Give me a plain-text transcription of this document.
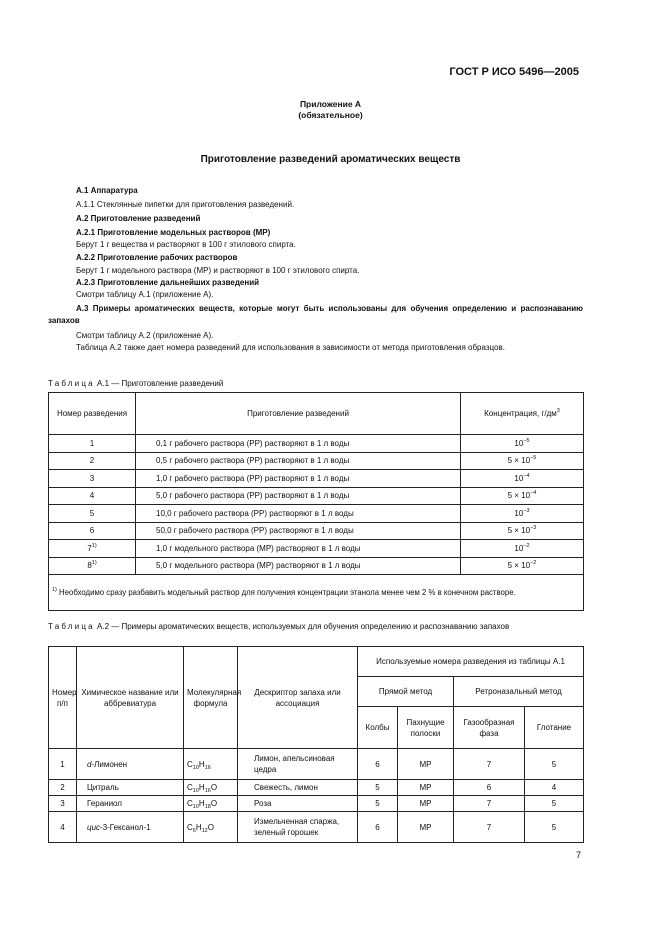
ГОСТ Р ИСО 5496—2005
Приложение А
(обязательное)
Приготовление разведений ароматических веществ
А.1 Аппаратура
А.1.1 Стеклянные пипетки для приготовления разведений.
А.2 Приготовление разведений
А.2.1 Приготовление модельных растворов (МР)
Берут 1 г вещества и растворяют в 100 г этилового спирта.
А.2.2 Приготовление рабочих растворов
Берут 1 г модельного раствора (МР) и растворяют в 100 г этилового спирта.
А.2.3 Приготовление дальнейших разведений
Смотри таблицу А.1 (приложение А).
А.3 Примеры ароматических веществ, которые могут быть использованы для обучения определению и распознаванию запахов
Смотри таблицу А.2 (приложение А).
Таблица А.2 также дает номера разведений для использования в зависимости от метода приготовления образцов.
Таблица А.1 — Приготовление разведений
Номер разведения	Приготовление разведений	Концентрация, $г/дм^3$
1	0,1 г рабочего раствора (РР) растворяют в 1 л воды	$10^{-5}$
2	0,5 г рабочего раствора (РР) растворяют в 1 л воды	$5 \times 10^{-5}$
3	1,0 г рабочего раствора (РР) растворяют в 1 л воды	$10^{-4}$
4	5,0 г рабочего раствора (РР) растворяют в 1 л воды	$5 \times 10^{-4}$
5	10,0 г рабочего раствора (РР) растворяют в 1 л воды	$10^{-3}$
6	50,0 г рабочего раствора (РР) растворяют в 1 л воды	$5 \times 10^{-3}$
7$^{1)}$	1,0 г модельного раствора (МР) растворяют в 1 л воды	$10^{-2}$
8$^{1)}$	5,0 г модельного раствора (МР) растворяют в 1 л воды	$5 \times 10^{-2}$
$^{1)}$ Необходимо сразу разбавить модельный раствор для получения концентрации этанола менее чем 2 % в конечном растворе.		
Таблица А.2 — Примеры ароматических веществ, используемых для обучения определению и распознаванию запахов
Номер п/п	Химическое название или аббревиатура	Молекулярная формула	Дескриптор запаха или ассоциация	Используемые номера разведения из таблицы А.1			
				Прямой метод		Ретроназальный метод	
				Колбы	Пахнущие полоски	Газообразная фаза	Глотание
1	d-Лимонен	$C_{10}H_{16}$	Лимон, апельсиновая цедра	6	МР	7	5
2	Цитраль	$C_{10}H_{16}O$	Свежесть, лимон	5	МР	6	4
3	Гераниол	$C_{10}H_{18}O$	Роза	5	МР	7	5
4	цис-3-Гексанол-1	$C_6H_{12}O$	Измельченная спаржа, зеленый горошек	6	МР	7	5
7
